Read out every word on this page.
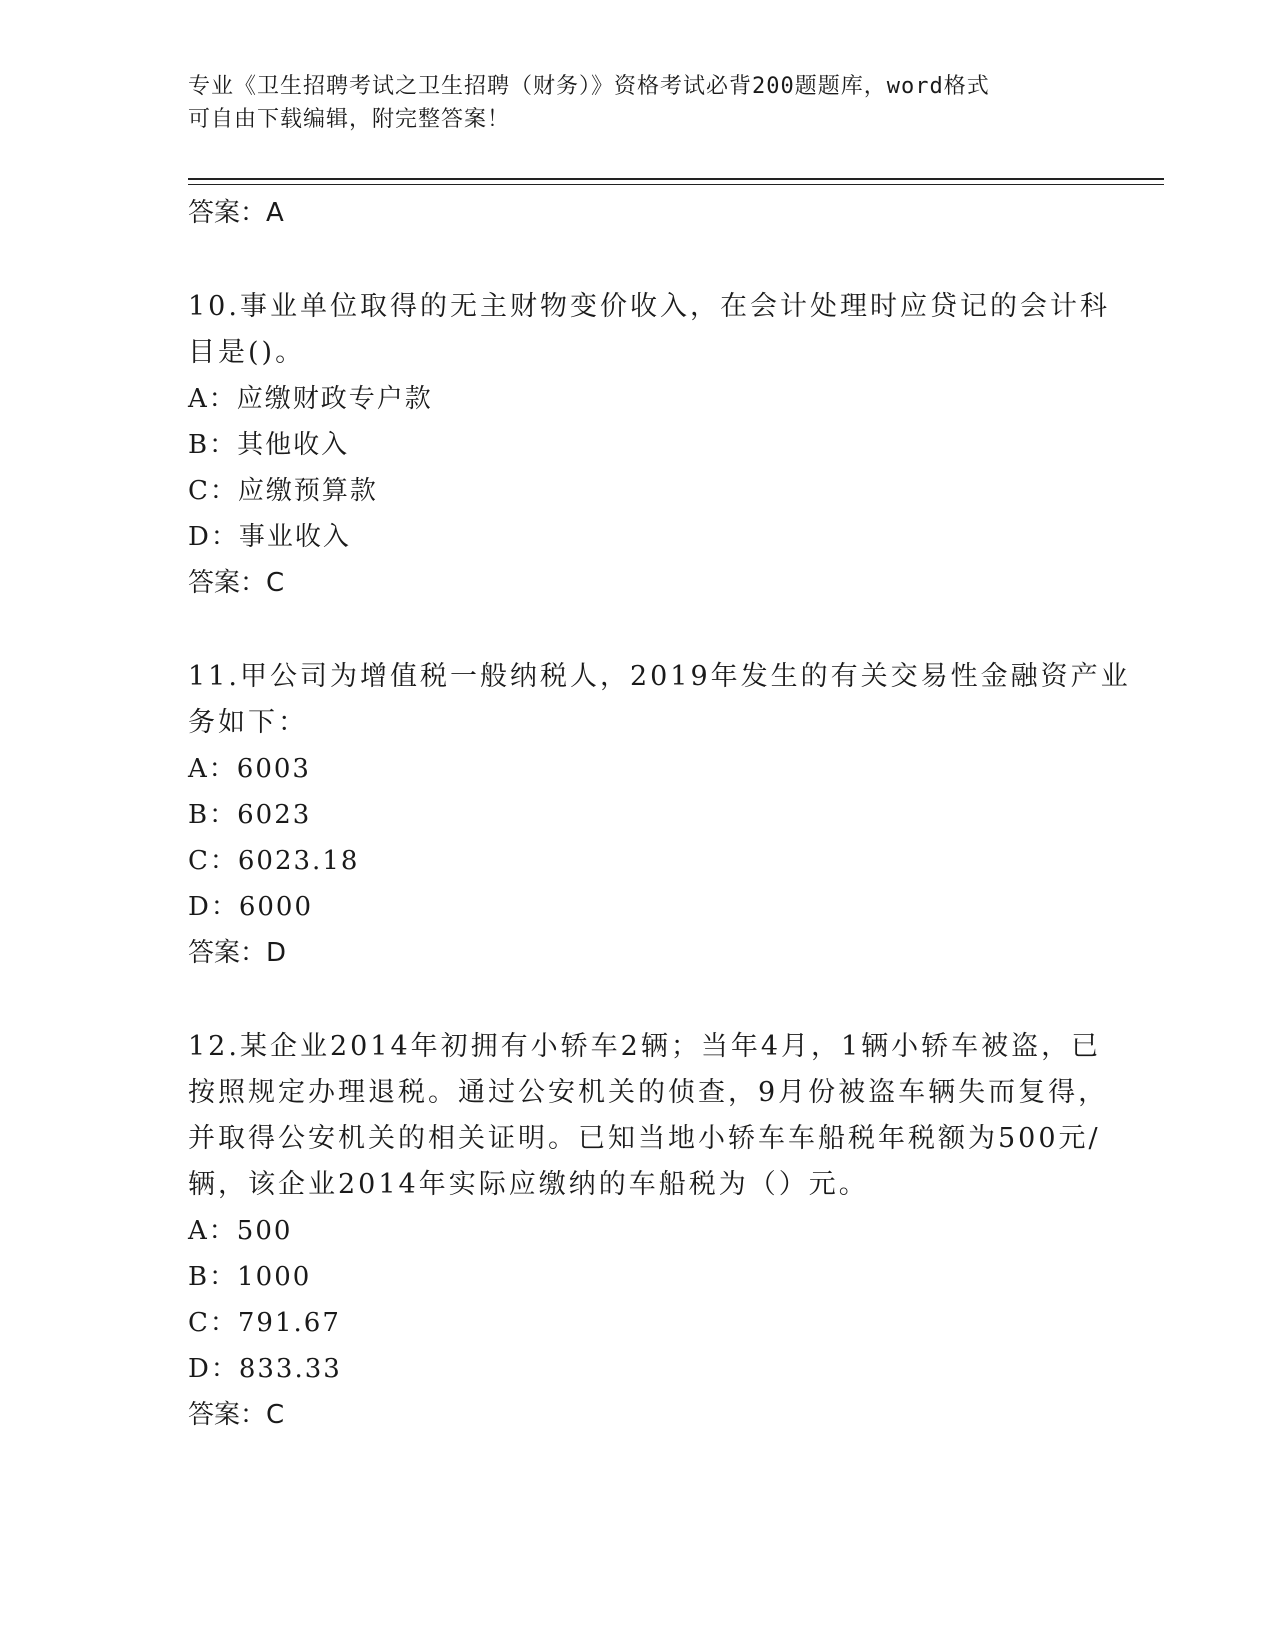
专业《卫生招聘考试之卫生招聘（财务）》资格考试必背200题题库，word格式

可自由下载编辑，附完整答案！

答案：A

10.事业单位取得的无主财物变价收入，在会计处理时应贷记的会计科
目是()。

A：应缴财政专户款

B：其他收入

C：应缴预算款

D：事业收入

答案：C

11.甲公司为增值税一般纳税人，2019年发生的有关交易性金融资产业
务如下：

A：6003

B：6023

C：6023.18

D：6000

答案：D

12.某企业2014年初拥有小轿车2辆；当年4月，1辆小轿车被盗，已
按照规定办理退税。通过公安机关的侦查，9月份被盗车辆失而复得，
并取得公安机关的相关证明。已知当地小轿车车船税年税额为500元/
辆，该企业2014年实际应缴纳的车船税为（）元。

A：500

B：1000

C：791.67

D：833.33

答案：C
